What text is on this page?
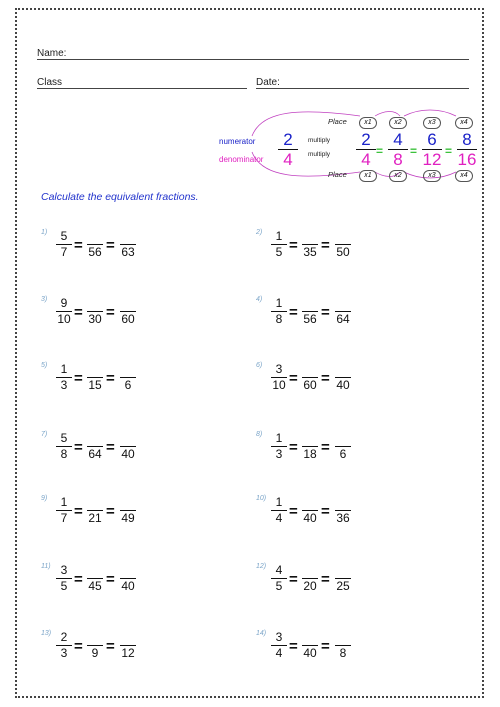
Name:
Class	Date:
Place
Place
x1	x2	x3	x4
x1	x2	x3	x4
numerator
denominator
2
4
multiply
multiply
2
4 =
4
8 =
6
12 =
8
16
Calculate the equivalent fractions.
1)	5
7 = 56 = 63
2)	1
5 = 35 = 50
3)	9
10 = 30 = 60
4)	1
8 = 56 = 64
5)	1
3 = 15 = 6
6)	3
10 = 60 = 40
7)	5
8 = 64 = 40
8)	1
3 = 18 = 6
9)	1
7 = 21 = 49
10) 1
4 = 40 = 36
11) 3
5 = 45 = 40
12) 4
5 = 20 = 25
13) 2
3 = 9 = 12
14) 3
4 = 40 = 8
